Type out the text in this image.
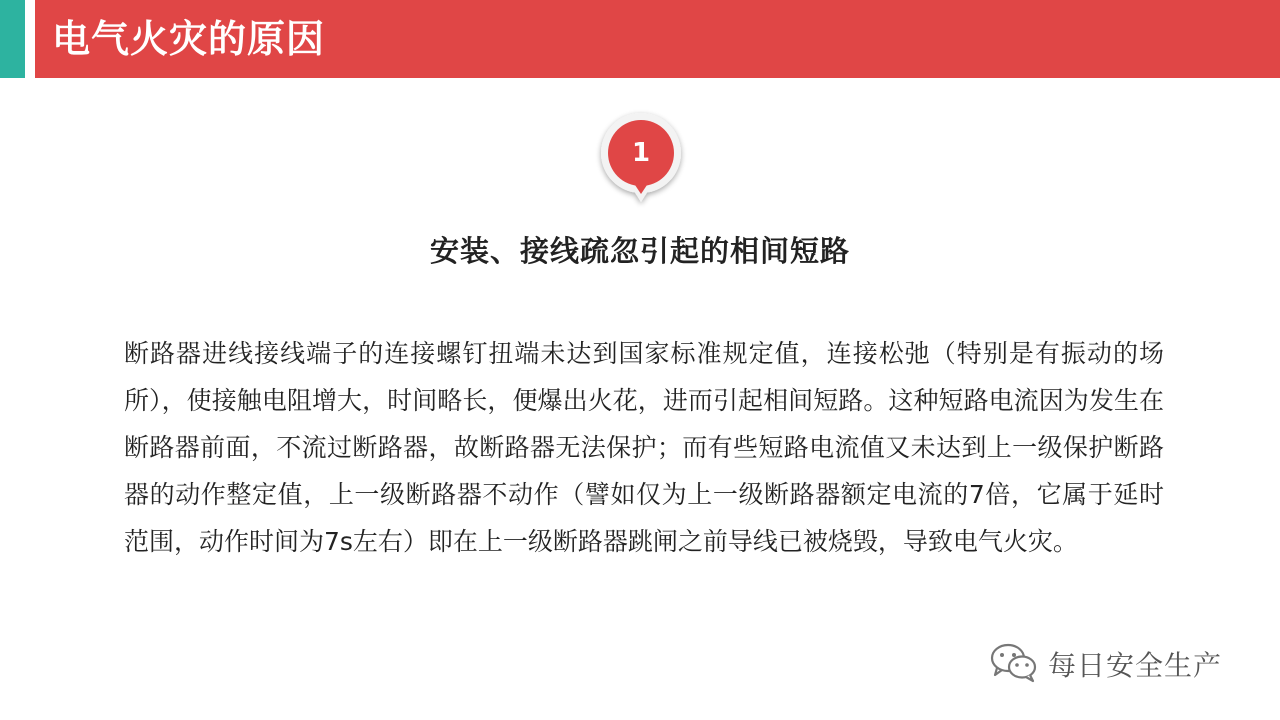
电气火灾的原因
1
安装、接线疏忽引起的相间短路

断路器进线接线端子的连接螺钉扭端未达到国家标准规定值，连接松弛（特别是有振动的场所），使接触电阻增大，时间略长，便爆出火花，进而引起相间短路。这种短路电流因为发生在断路器前面，不流过断路器，故断路器无法保护；而有些短路电流值又未达到上一级保护断路器的动作整定值，上一级断路器不动作（譬如仅为上一级断路器额定电流的7倍，它属于延时范围，动作时间为7s左右）即在上一级断路器跳闸之前导线已被烧毁，导致电气火灾。

每日安全生产
